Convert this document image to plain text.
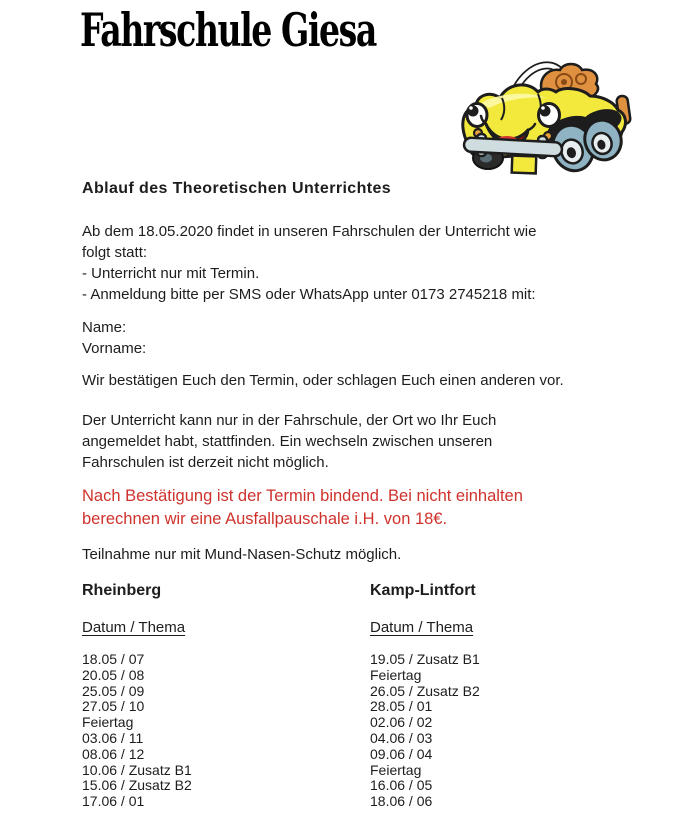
Fahrschule Giesa
Ablauf des Theoretischen Unterrichtes
Ab dem 18.05.2020 findet in unseren Fahrschulen der Unterricht wie
folgt statt:
- Unterricht nur mit Termin.
- Anmeldung bitte per SMS oder WhatsApp unter 0173 2745218 mit:
Name:
Vorname:
Wir bestätigen Euch den Termin, oder schlagen Euch einen anderen vor.
Der Unterricht kann nur in der Fahrschule, der Ort wo Ihr Euch
angemeldet habt, stattfinden. Ein wechseln zwischen unseren
Fahrschulen ist derzeit nicht möglich.
Nach Bestätigung ist der Termin bindend. Bei nicht einhalten
berechnen wir eine Ausfallpauschale i.H. von 18€.
Teilnahme nur mit Mund-Nasen-Schutz möglich.
Rheinberg
Datum / Thema
18.05 / 07
20.05 / 08
25.05 / 09
27.05 / 10
Feiertag
03.06 / 11
08.06 / 12
10.06 / Zusatz B1
15.06 / Zusatz B2
17.06 / 01
Kamp-Lintfort
Datum / Thema
19.05 / Zusatz B1
Feiertag
26.05 / Zusatz B2
28.05 / 01
02.06 / 02
04.06 / 03
09.06 / 04
Feiertag
16.06 / 05
18.06 / 06
